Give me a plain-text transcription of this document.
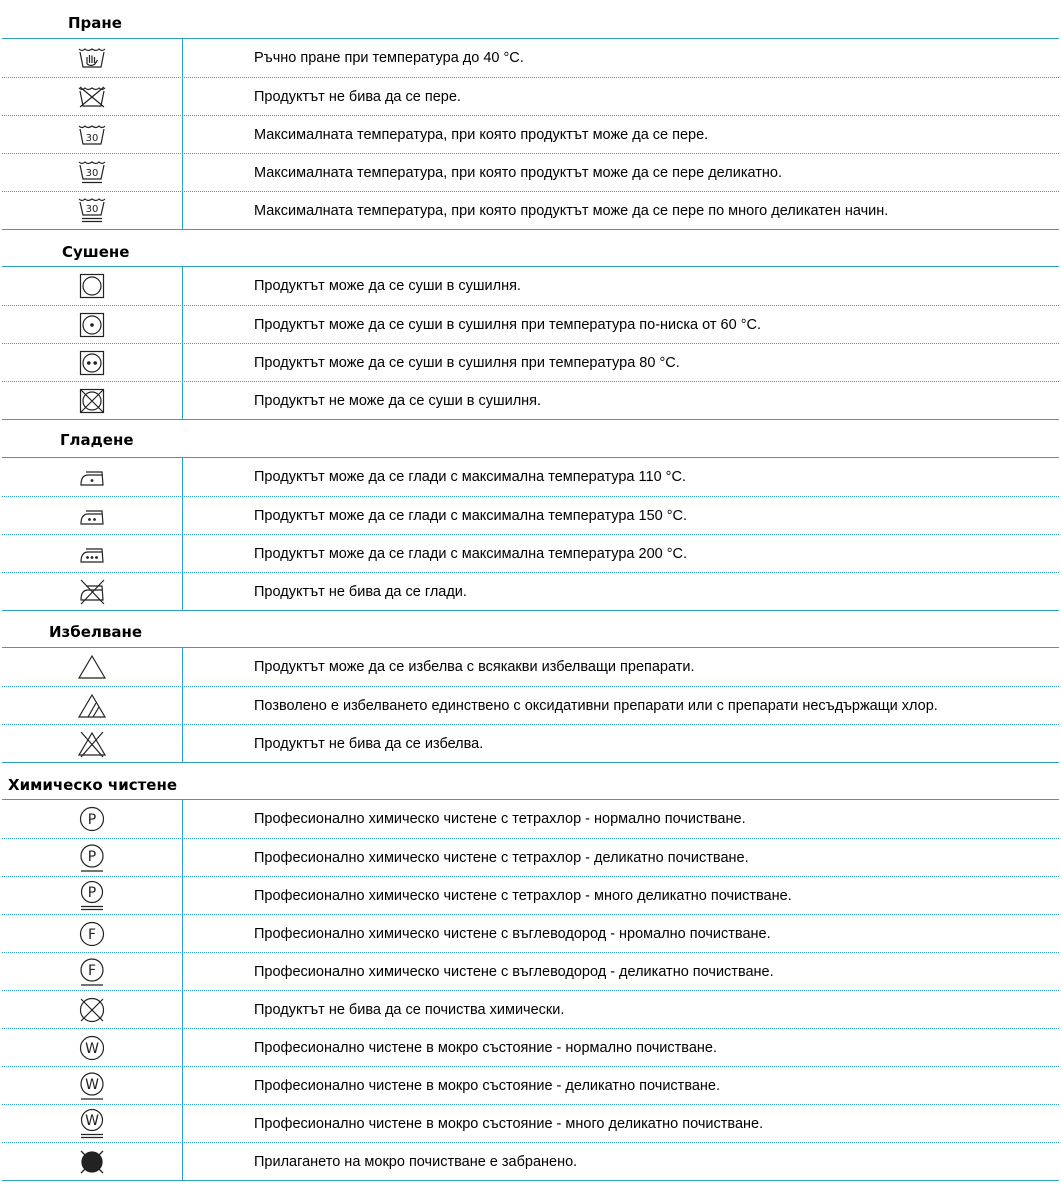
Пране
Ръчно пране при температура до 40 °С.
Продуктът не бива да се пере.
30	Максималната температура, при която продуктът може да се пере.
30	Максималната температура, при която продуктът може да се пере деликатно.
30	Максималната температура, при която продуктът може да се пере по много деликатен начин.
Сушене
Продуктът може да се суши в сушилня.
Продуктът може да се суши в сушилня при температура по-ниска от 60 °С.
Продуктът може да се суши в сушилня при температура 80 °С.
Продуктът не може да се суши в сушилня.
Гладене
Продуктът може да се глади с максимална температура 110 °С.
Продуктът може да се глади с максимална температура 150 °С.
Продуктът може да се глади с максимална температура 200 °С.
Продуктът не бива да се глади.
Избелване
Продуктът може да се избелва с всякакви избелващи препарати.
Позволено е избелването единствено с оксидативни препарати или с препарати несъдържащи хлор.
Продуктът не бива да се избелва.
Химическо чистене
P	Професионално химическо чистене с тетрахлор - нормално почистване.
P	Професионално химическо чистене с тетрахлор - деликатно почистване.
P	Професионално химическо чистене с тетрахлор - много деликатно почистване.
F	Професионално химическо чистене с въглеводород - нромално почистване.
F	Професионално химическо чистене с въглеводород - деликатно почистване.
Продуктът не бива да се почиства химически.
W	Професионално чистене в мокро състояние - нормално почистване.
W	Професионално чистене в мокро състояние - деликатно почистване.
W	Професионално чистене в мокро състояние - много деликатно почистване.
Прилагането на мокро почистване е забранено.
